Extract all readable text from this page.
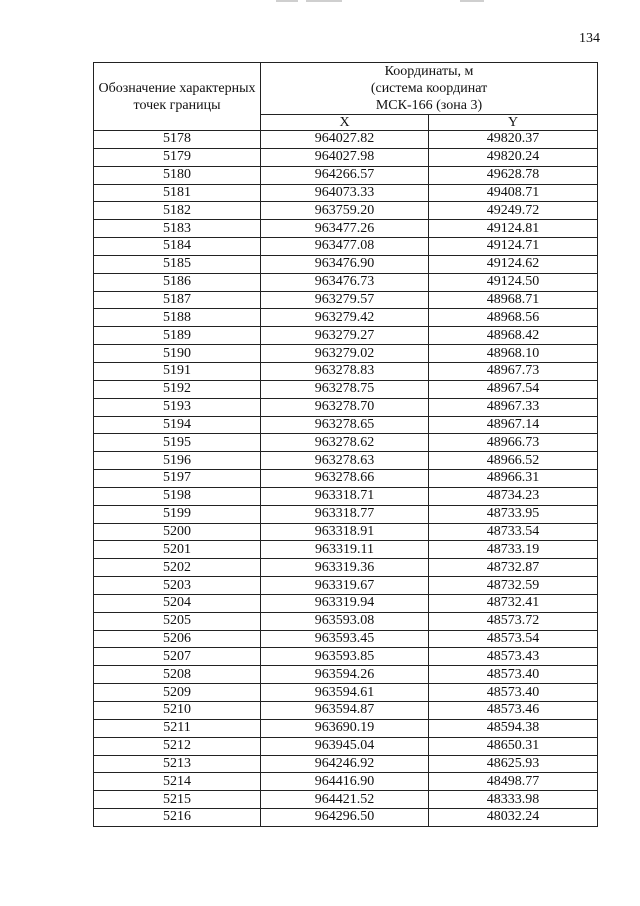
134
Обозначение характерных точек границы	Координаты, м
(система координат
МСК-166 (зона 3)	

	X	Y
5178	964027.82	49820.37
5179	964027.98	49820.24
5180	964266.57	49628.78
5181	964073.33	49408.71
5182	963759.20	49249.72
5183	963477.26	49124.81
5184	963477.08	49124.71
5185	963476.90	49124.62
5186	963476.73	49124.50
5187	963279.57	48968.71
5188	963279.42	48968.56
5189	963279.27	48968.42
5190	963279.02	48968.10
5191	963278.83	48967.73
5192	963278.75	48967.54
5193	963278.70	48967.33
5194	963278.65	48967.14
5195	963278.62	48966.73
5196	963278.63	48966.52
5197	963278.66	48966.31
5198	963318.71	48734.23
5199	963318.77	48733.95
5200	963318.91	48733.54
5201	963319.11	48733.19
5202	963319.36	48732.87
5203	963319.67	48732.59
5204	963319.94	48732.41
5205	963593.08	48573.72
5206	963593.45	48573.54
5207	963593.85	48573.43
5208	963594.26	48573.40
5209	963594.61	48573.40
5210	963594.87	48573.46
5211	963690.19	48594.38
5212	963945.04	48650.31
5213	964246.92	48625.93
5214	964416.90	48498.77
5215	964421.52	48333.98
5216	964296.50	48032.24
